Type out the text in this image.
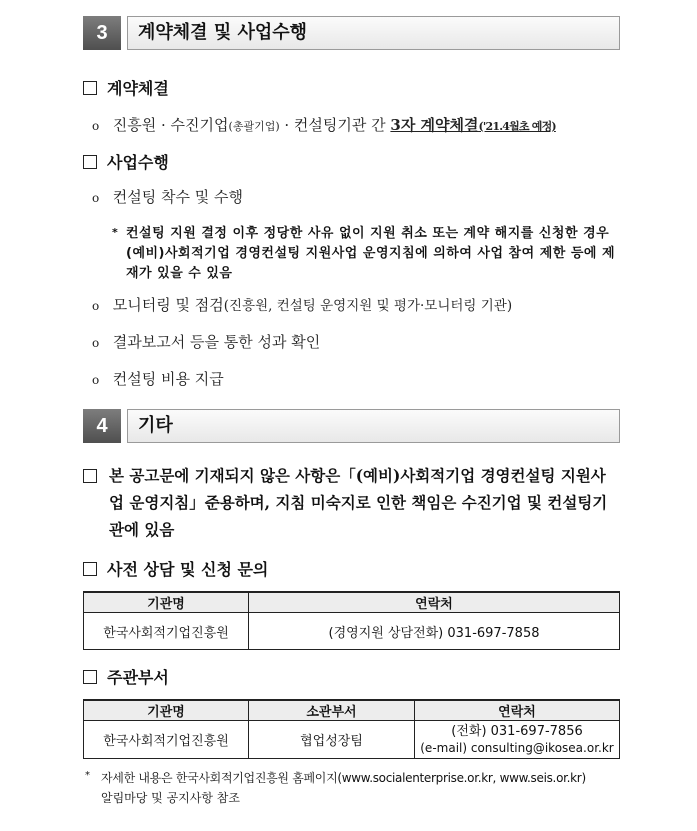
3	계약체결 및 사업수행
계약체결
o 진흥원 · 수진기업(총괄기업) · 컨설팅기관 간 3자 계약체결('21.4월초 예정)
사업수행
o 컨설팅 착수 및 수행
* 컨설팅 지원 결정 이후 정당한 사유 없이 지원 취소 또는 계약 해지를 신청한 경우 (예비)사회적기업 경영컨설팅 지원사업 운영지침에 의하여 사업 참여 제한 등에 제재가 있을 수 있음
o 모니터링 및 점검(진흥원, 컨설팅 운영지원 및 평가·모니터링 기관)
o 결과보고서 등을 통한 성과 확인
o 컨설팅 비용 지급
4	기타
본 공고문에 기재되지 않은 사항은「(예비)사회적기업 경영컨설팅 지원사업 운영지침」준용하며, 지침 미숙지로 인한 책임은 수진기업 및 컨설팅기관에 있음
사전 상담 및 신청 문의
기관명	연락처
한국사회적기업진흥원	(경영지원 상담전화) 031-697-7858
주관부서
기관명	소관부서	연락처
한국사회적기업진흥원	협업성장팀	(전화) 031-697-7856
(e-mail) consulting@ikosea.or.kr
* 자세한 내용은 한국사회적기업진흥원 홈페이지(www.socialenterprise.or.kr, www.seis.or.kr)
알림마당 및 공지사항 참조
